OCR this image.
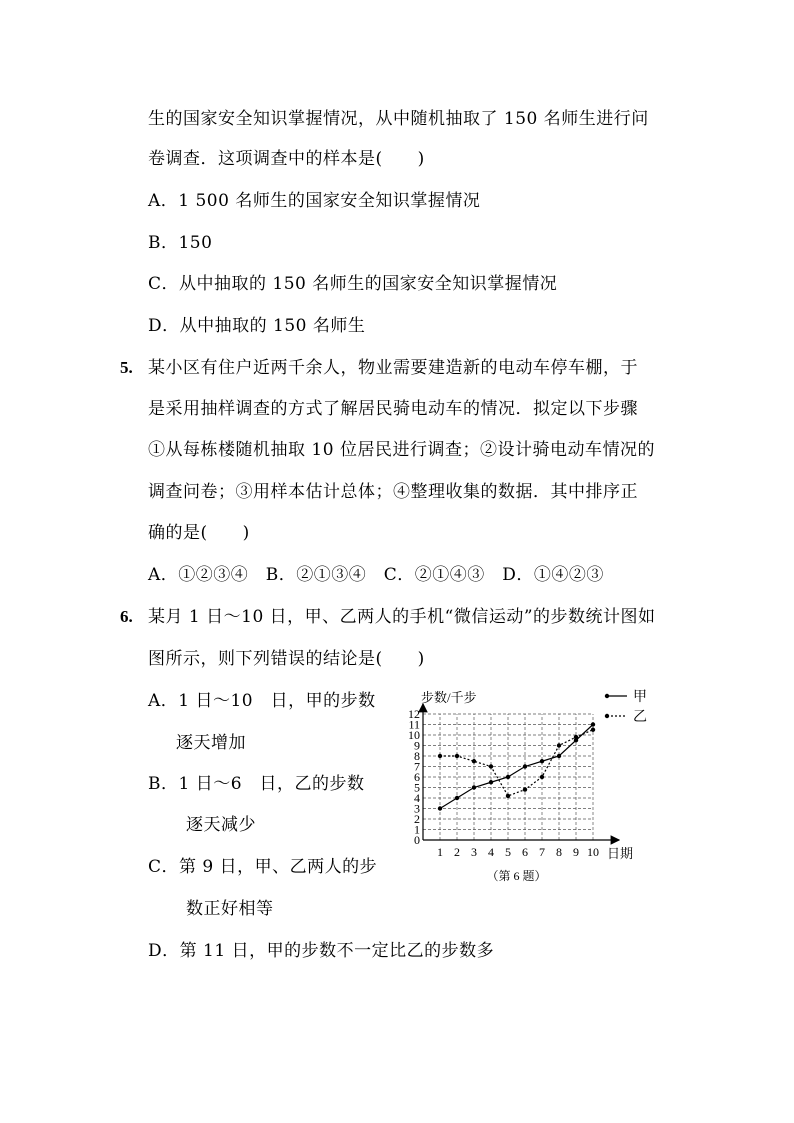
生的国家安全知识掌握情况，从中随机抽取了 150 名师生进行问
卷调查．这项调查中的样本是(　　)
A．1 500 名师生的国家安全知识掌握情况
B．150
C．从中抽取的 150 名师生的国家安全知识掌握情况
D．从中抽取的 150 名师生
5. 某小区有住户近两千余人，物业需要建造新的电动车停车棚，于
是采用抽样调查的方式了解居民骑电动车的情况．拟定以下步骤
①从每栋楼随机抽取 10 位居民进行调查；②设计骑电动车情况的
调查问卷；③用样本估计总体；④整理收集的数据．其中排序正
确的是(　　)
A．①②③④　B．②①③④　C．②①④③　D．①④②③
6. 某月 1 日～10 日，甲、乙两人的手机“微信运动”的步数统计图如
图所示，则下列错误的结论是(　　)
A．1 日～10　日，甲的步数
逐天增加
B．1 日～6　日，乙的步数
逐天减少
C．第 9 日，甲、乙两人的步
数正好相等
D．第 11 日，甲的步数不一定比乙的步数多
1 2 3 4 5 6 7 8 9 10
1
2
3
4
5
6
7
8
9
10
11
12
0
步数/千步
日期
（第 6 题）
甲
乙
